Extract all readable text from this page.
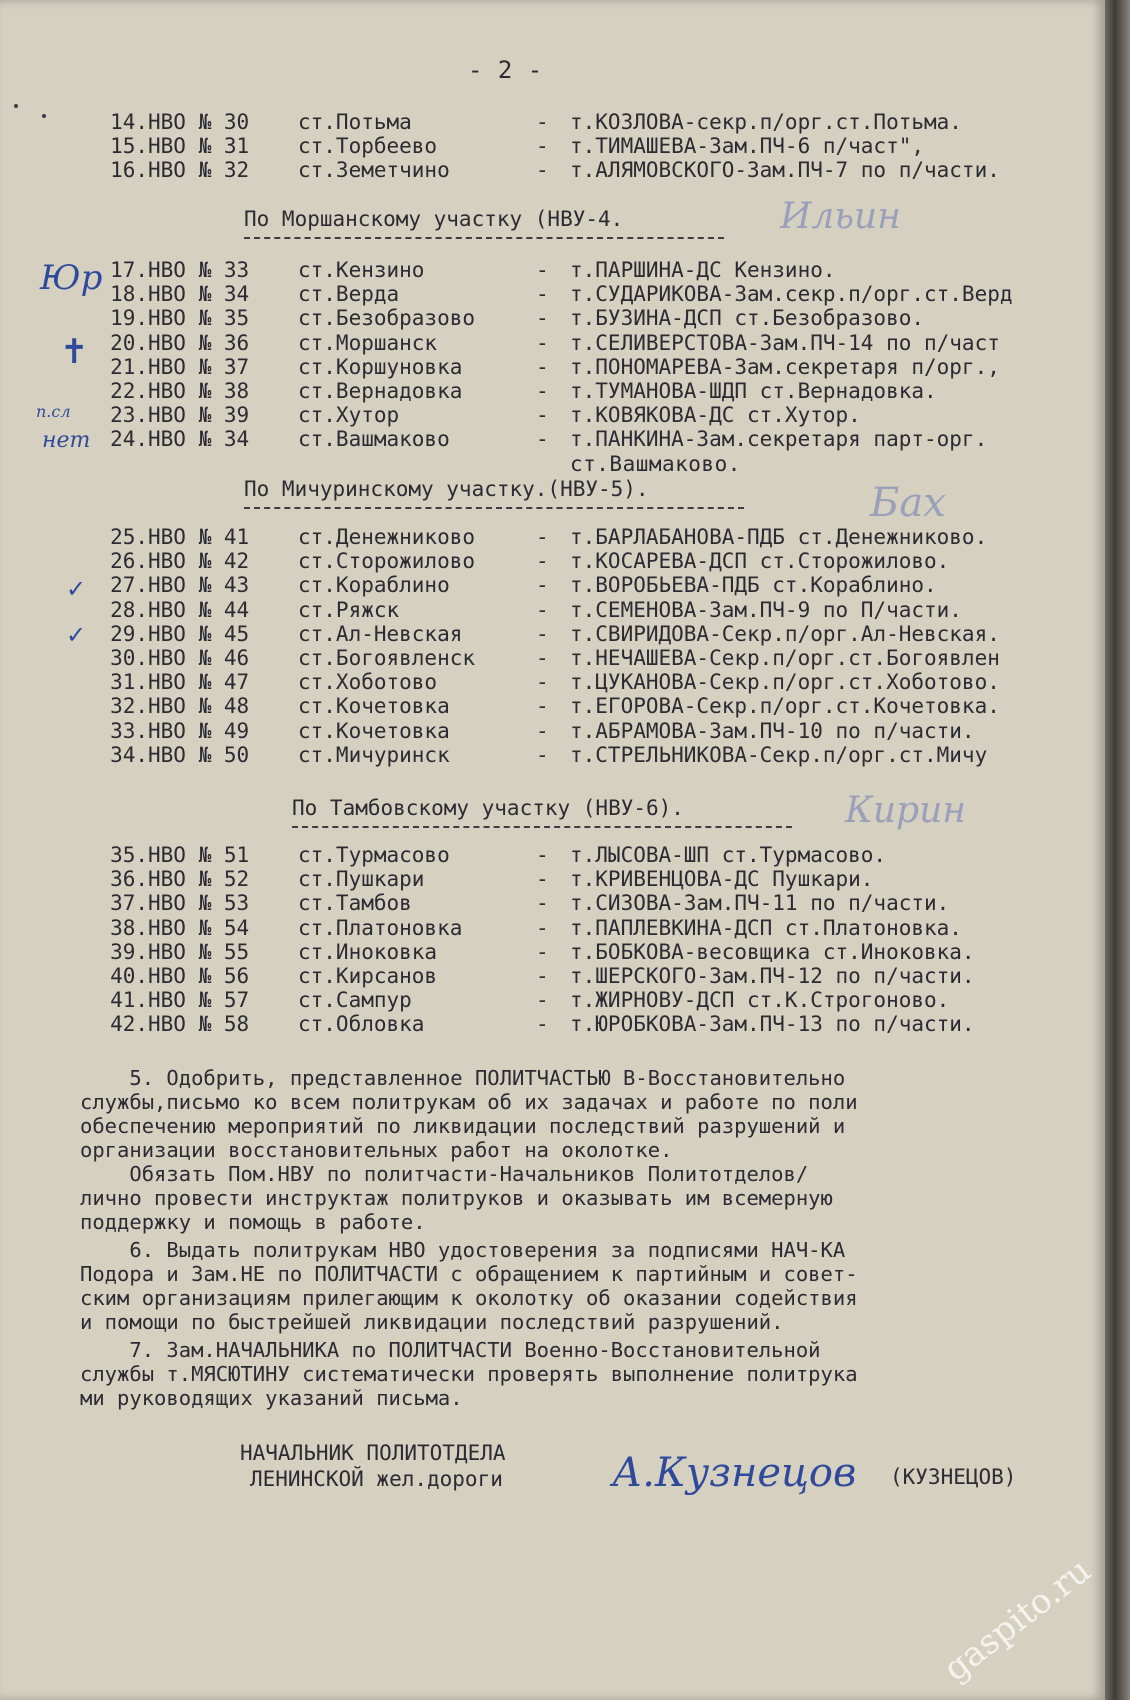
- 2 -
14. НВО № 30 ст.Потьма	- т.КОЗЛОВА-секр.п/орг.ст.Потьма.
15. НВО № 31 ст.Торбеево	- т.ТИМАШЕВА-Зам.ПЧ-6 п/част",
16. НВО № 32 ст.Земетчино	- т.АЛЯМОВСКОГО-Зам.ПЧ-7 по п/части.
По Моршанскому участку (НВУ-4.	Ильин
17. НВО № 33 ст.Кензино	- т.ПАРШИНА-ДС Кензино.
18. НВО № 34 ст.Верда	- т.СУДАРИКОВА-Зам.секр.п/орг.ст.Верд
19. НВО № 35 ст.Безобразово	- т.БУЗИНА-ДСП ст.Безобразово.
20. НВО № 36 ст.Моршанск	- т.СЕЛИВЕРСТОВА-Зам.ПЧ-14 по п/част
21. НВО № 37 ст.Коршуновка	- т.ПОНОМАРЕВА-Зам.секретаря п/орг.,
22. НВО № 38 ст.Вернадовка	- т.ТУМАНОВА-ШДП ст.Вернадовка.
23. НВО № 39 ст.Хутор	- т.КОВЯКОВА-ДС ст.Хутор.
24. НВО № 34 ст.Вашмаково	- т.ПАНКИНА-Зам.секретаря парт-орг.
ст.Вашмаково.
По Мичуринскому участку.(НВУ-5).	Бах
25. НВО № 41 ст.Денежниково	- т.БАРЛАБАНОВА-ПДБ ст.Денежниково.
26. НВО № 42 ст.Сторожилово	- т.КОСАРЕВА-ДСП ст.Сторожилово.
27. НВО № 43 ст.Кораблино	- т.ВОРОБЬЕВА-ПДБ ст.Кораблино.
28. НВО № 44 ст.Ряжск	- т.СЕМЕНОВА-Зам.ПЧ-9 по П/части.
29. НВО № 45 ст.Ал-Невская	- т.СВИРИДОВА-Секр.п/орг.Ал-Невская.
30. НВО № 46 ст.Богоявленск	- т.НЕЧАШЕВА-Секр.п/орг.ст.Богоявлен
31. НВО № 47 ст.Хоботово	- т.ЦУКАНОВА-Секр.п/орг.ст.Хоботово.
32. НВО № 48 ст.Кочетовка	- т.ЕГОРОВА-Секр.п/орг.ст.Кочетовка.
33. НВО № 49 ст.Кочетовка	- т.АБРАМОВА-Зам.ПЧ-10 по п/части.
34. НВО № 50 ст.Мичуринск	- т.СТРЕЛЬНИКОВА-Секр.п/орг.ст.Мичу
По Тамбовскому участку (НВУ-6).	Кирин
35. НВО № 51 ст.Турмасово	- т.ЛЫСОВА-ШП ст.Турмасово.
36. НВО № 52 ст.Пушкари	- т.КРИВЕНЦОВА-ДС Пушкари.
37. НВО № 53 ст.Тамбов	- т.СИЗОВА-Зам.ПЧ-11 по п/части.
38. НВО № 54 ст.Платоновка	- т.ПАПЛЕВКИНА-ДСП ст.Платоновка.
39. НВО № 55 ст.Иноковка	- т.БОБКОВА-весовщика ст.Иноковка.
40. НВО № 56 ст.Кирсанов	- т.ШЕРСКОГО-Зам.ПЧ-12 по п/части.
41. НВО № 57 ст.Сампур	- т.ЖИРНОВУ-ДСП ст.К.Строгоново.
42. НВО № 58 ст.Обловка	- т.ЮРОБКОВА-Зам.ПЧ-13 по п/части.
5. Одобрить, представленное ПОЛИТЧАСТЬЮ В-Восстановительно
службы,письмо ко всем политрукам об их задачах и работе по поли
обеспечению мероприятий по ликвидации последствий разрушений и
организации восстановительных работ на околотке.
Обязать Пом.НВУ по политчасти-Начальников Политотделов/
лично провести инструктаж политруков и оказывать им всемерную
поддержку и помощь в работе.
6. Выдать политрукам НВО удостоверения за подписями НАЧ-КА
Подора и Зам.НЕ по ПОЛИТЧАСТИ с обращением к партийным и совет-
ским организациям прилегающим к околотку об оказании содействия
и помощи по быстрейшей ликвидации последствий разрушений.
7. Зам.НАЧАЛЬНИКА по ПОЛИТЧАСТИ Военно-Восстановительной
службы т.МЯСЮТИНУ систематически проверять выполнение политрука
ми руководящих указаний письма.
НАЧАЛЬНИК ПОЛИТОТДЕЛА
ЛЕНИНСКОЙ жел.дороги	А.Кузнецов (КУЗНЕЦОВ)
Юр
п.сл
нет
✓
✓
✝
gaspito.ru
